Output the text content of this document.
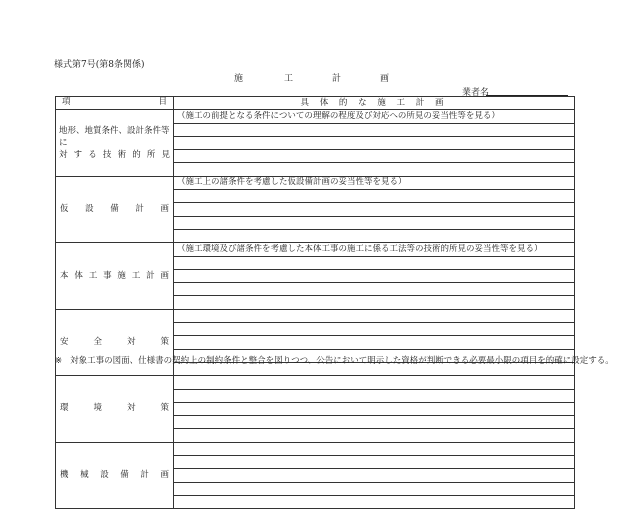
様式第7号(第8条関係)
施	工	計	画
業者名
項 目	具 体 的 な 施 工 計 画

地形、地質条件、設計条件等に
対する技術的所見	（施工の前提となる条件についての理解の程度及び対応への所見の妥当性等を見る）

仮設備計画	（施工上の諸条件を考慮した仮設備計画の妥当性等を見る）

本体工事施工計画	（施工環境及び諸条件を考慮した本体工事の施工に係る工法等の技術的所見の妥当性等を見る）

安全対策	

環境対策	

機械設備計画	

※ 対象工事の図面、仕様書の契約上の制約条件と整合を図りつつ、公告において明示した資格が判断できる必要最小限の項目を的確に設定する。
